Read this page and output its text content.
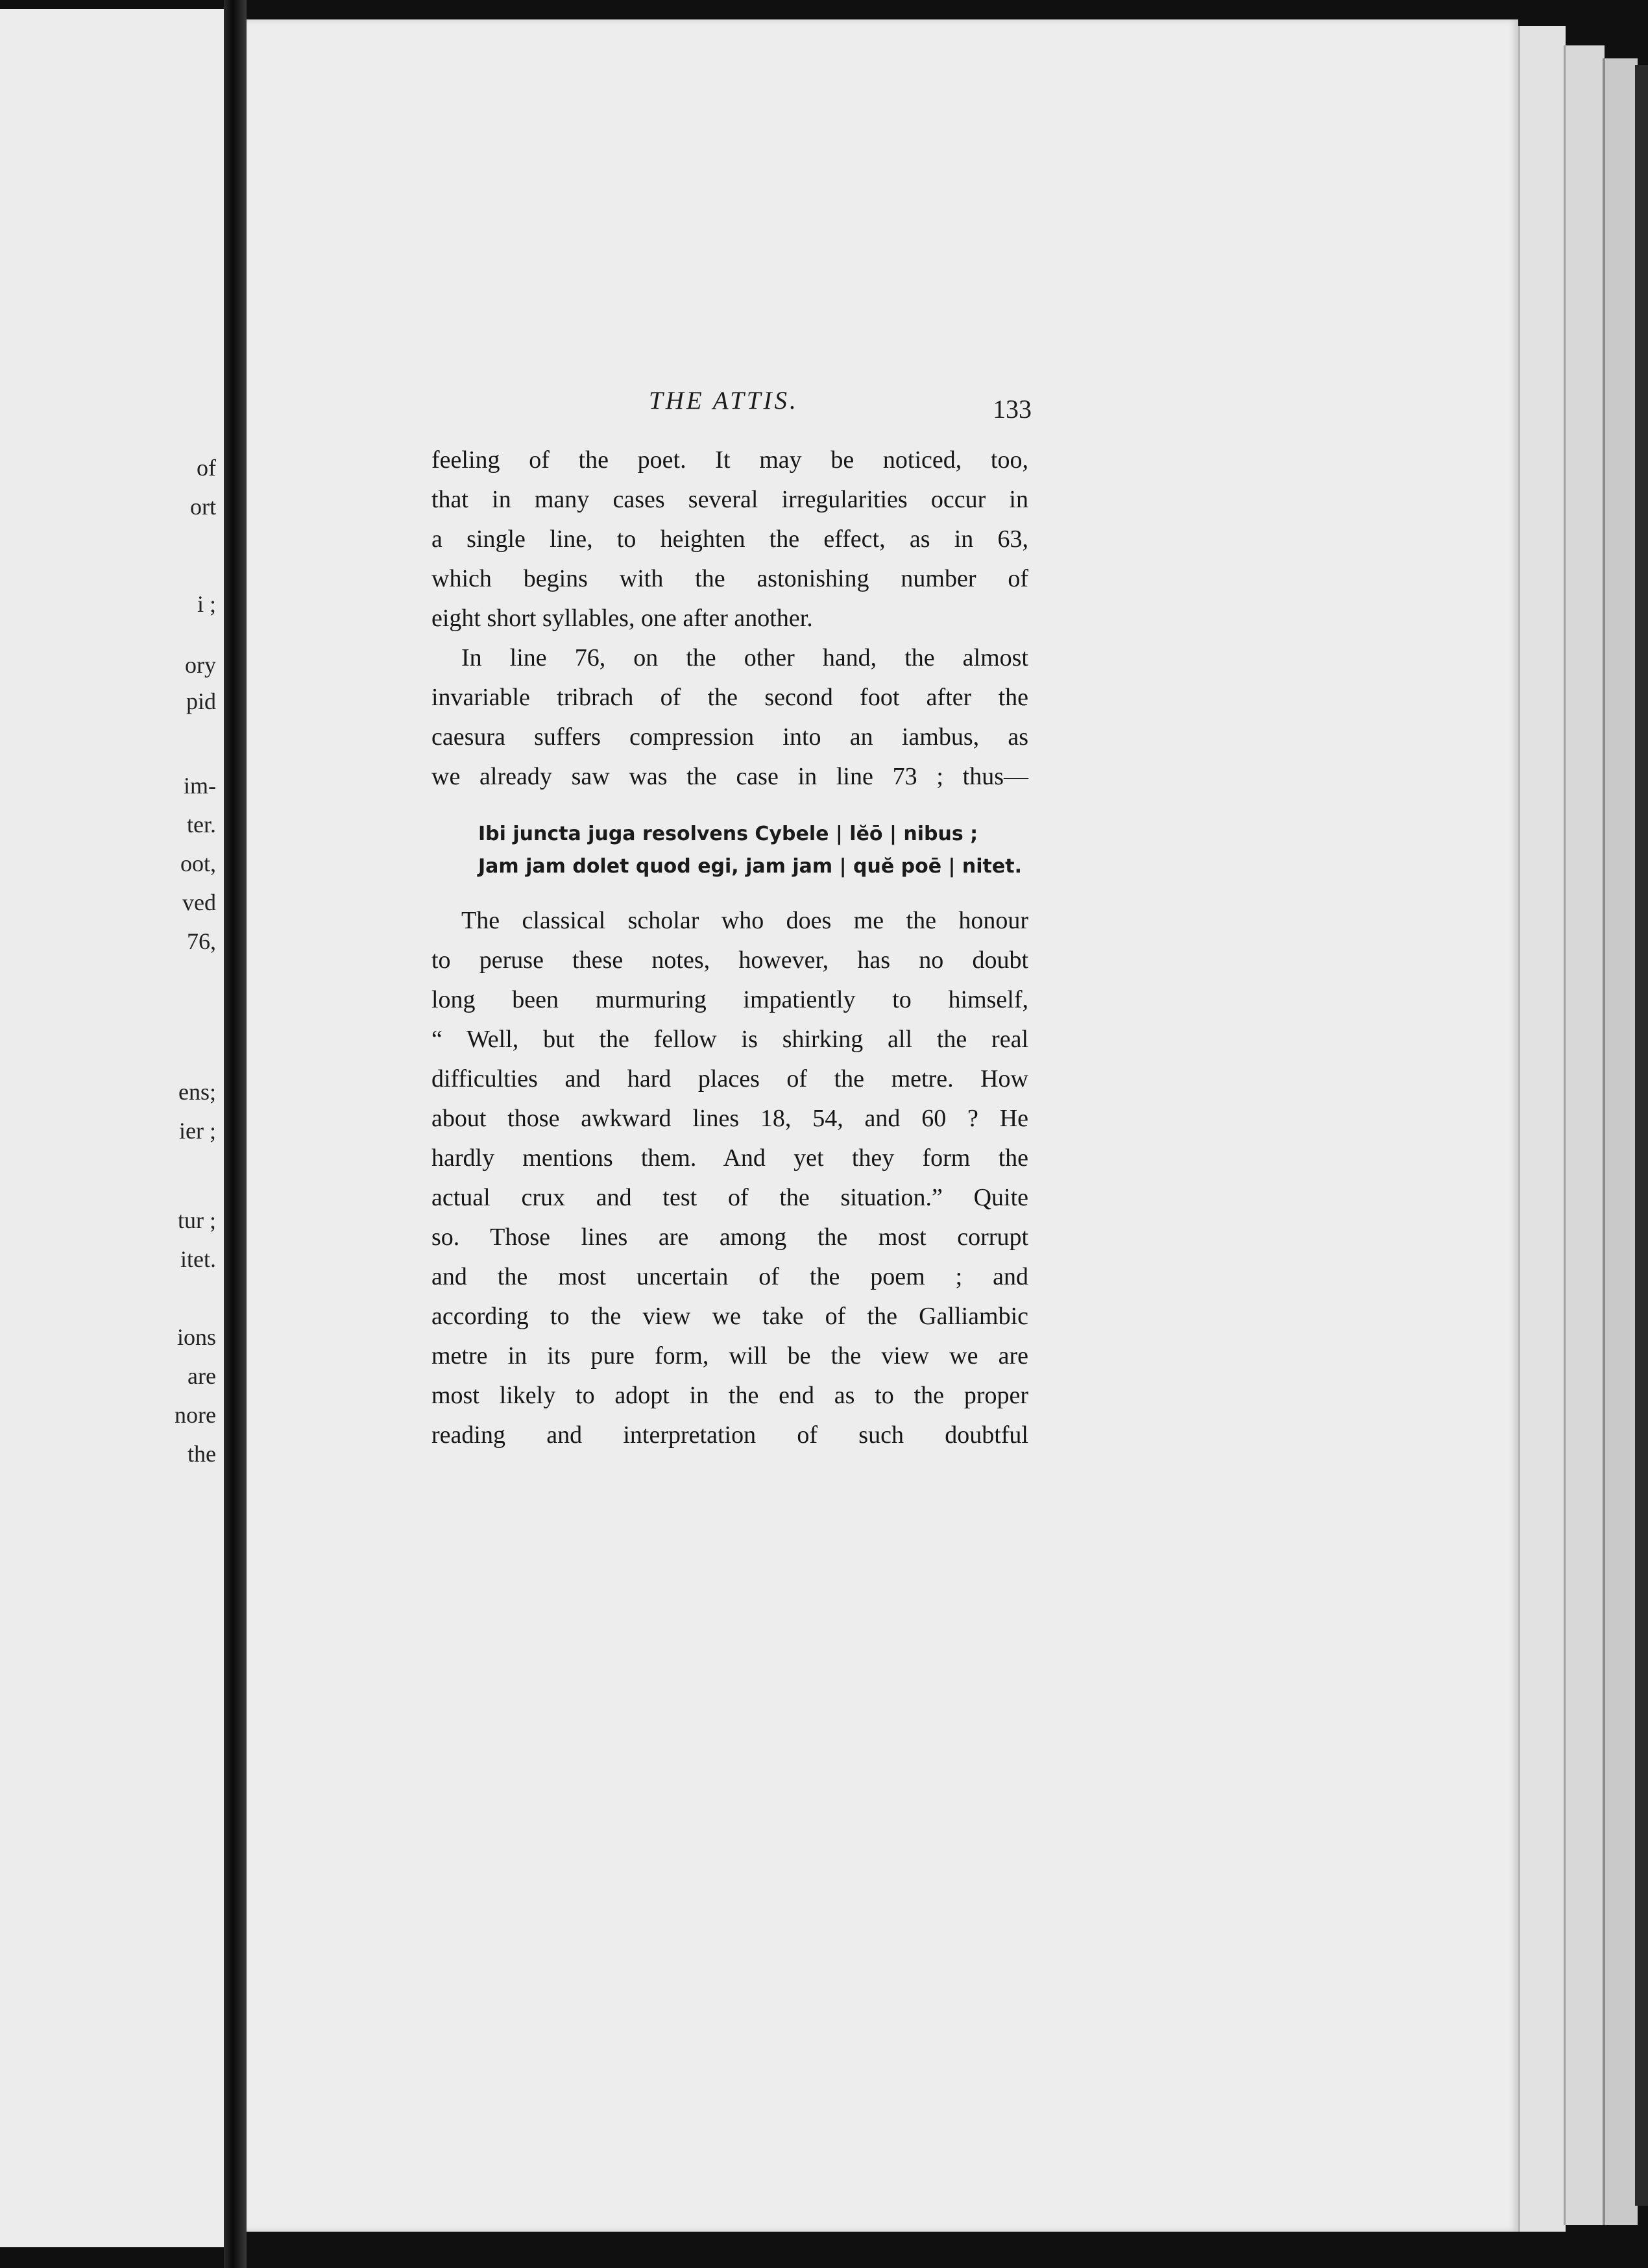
of
ort
i ;
ory
pid
im-
ter.
oot,
ved
76,
ens;
ier ;
tur ;
itet.
ions
are
nore
the
THE ATTIS.	133

feeling of the poet. It may be noticed, too,

that in many cases several irregularities occur in

a single line, to heighten the effect, as in 63,

which begins with the astonishing number of

eight short syllables, one after another.

In line 76, on the other hand, the almost

invariable tribrach of the second foot after the

caesura suffers compression into an iambus, as

we already saw was the case in line 73 ; thus—

Ibi juncta juga resolvens Cybele | lĕō | nibus ;
Jam jam dolet quod egi, jam jam | quĕ poē | nitet.

The classical scholar who does me the honour

to peruse these notes, however, has no doubt

long been murmuring impatiently to himself,

“ Well, but the fellow is shirking all the real

difficulties and hard places of the metre. How

about those awkward lines 18, 54, and 60 ? He

hardly mentions them. And yet they form the

actual crux and test of the situation.” Quite

so. Those lines are among the most corrupt

and the most uncertain of the poem ; and

according to the view we take of the Galliambic

metre in its pure form, will be the view we are

most likely to adopt in the end as to the proper

reading and interpretation of such doubtful
